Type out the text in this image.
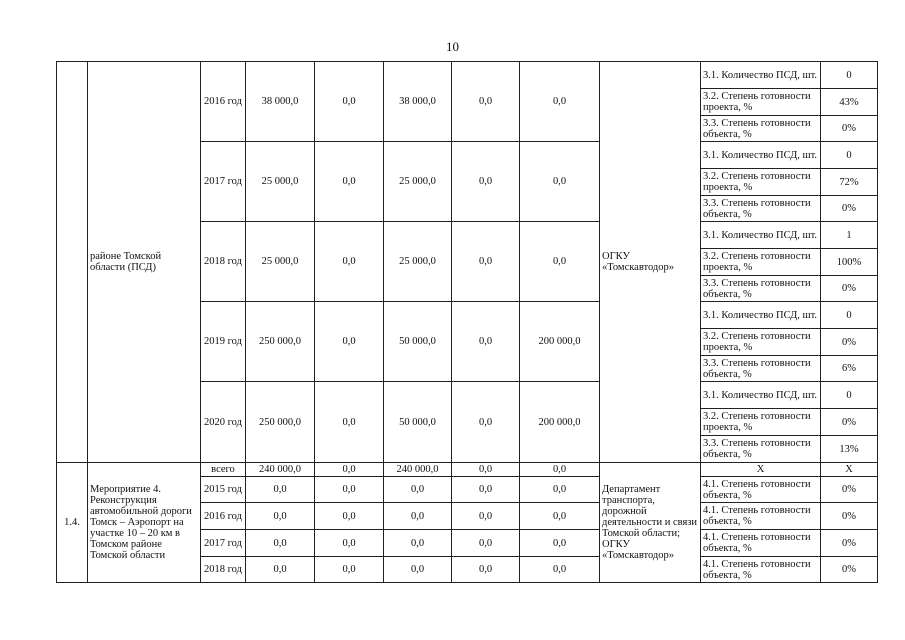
10
	районе Томской области (ПСД)	2016 год	38 000,0	0,0	38 000,0	0,0	0,0	ОГКУ «Томскавтодор»	3.1. Количество ПСД, шт.	0
									3.2. Степень готовности проекта, %	43%
									3.3. Степень готовности объекта, %	0%
		2017 год	25 000,0	0,0	25 000,0	0,0	0,0		3.1. Количество ПСД, шт.	0
									3.2. Степень готовности проекта, %	72%
									3.3. Степень готовности объекта, %	0%
		2018 год	25 000,0	0,0	25 000,0	0,0	0,0		3.1. Количество ПСД, шт.	1
									3.2. Степень готовности проекта, %	100%
									3.3. Степень готовности объекта, %	0%
		2019 год	250 000,0	0,0	50 000,0	0,0	200 000,0		3.1. Количество ПСД, шт.	0
									3.2. Степень готовности проекта, %	0%
									3.3. Степень готовности объекта, %	6%
		2020 год	250 000,0	0,0	50 000,0	0,0	200 000,0		3.1. Количество ПСД, шт.	0
									3.2. Степень готовности проекта, %	0%
									3.3. Степень готовности объекта, %	13%
1.4.	Мероприятие 4. Реконструкция автомобильной дороги Томск – Аэропорт на участке 10 – 20 км в Томском районе Томской области	всего	240 000,0	0,0	240 000,0	0,0	0,0	Департамент транспорта, дорожной деятельности и связи Томской области; ОГКУ «Томскавтодор»	Х	Х
		2015 год	0,0	0,0	0,0	0,0	0,0		4.1. Степень готовности объекта, %	0%
		2016 год	0,0	0,0	0,0	0,0	0,0		4.1. Степень готовности объекта, %	0%
		2017 год	0,0	0,0	0,0	0,0	0,0		4.1. Степень готовности объекта, %	0%
		2018 год	0,0	0,0	0,0	0,0	0,0		4.1. Степень готовности объекта, %	0%
